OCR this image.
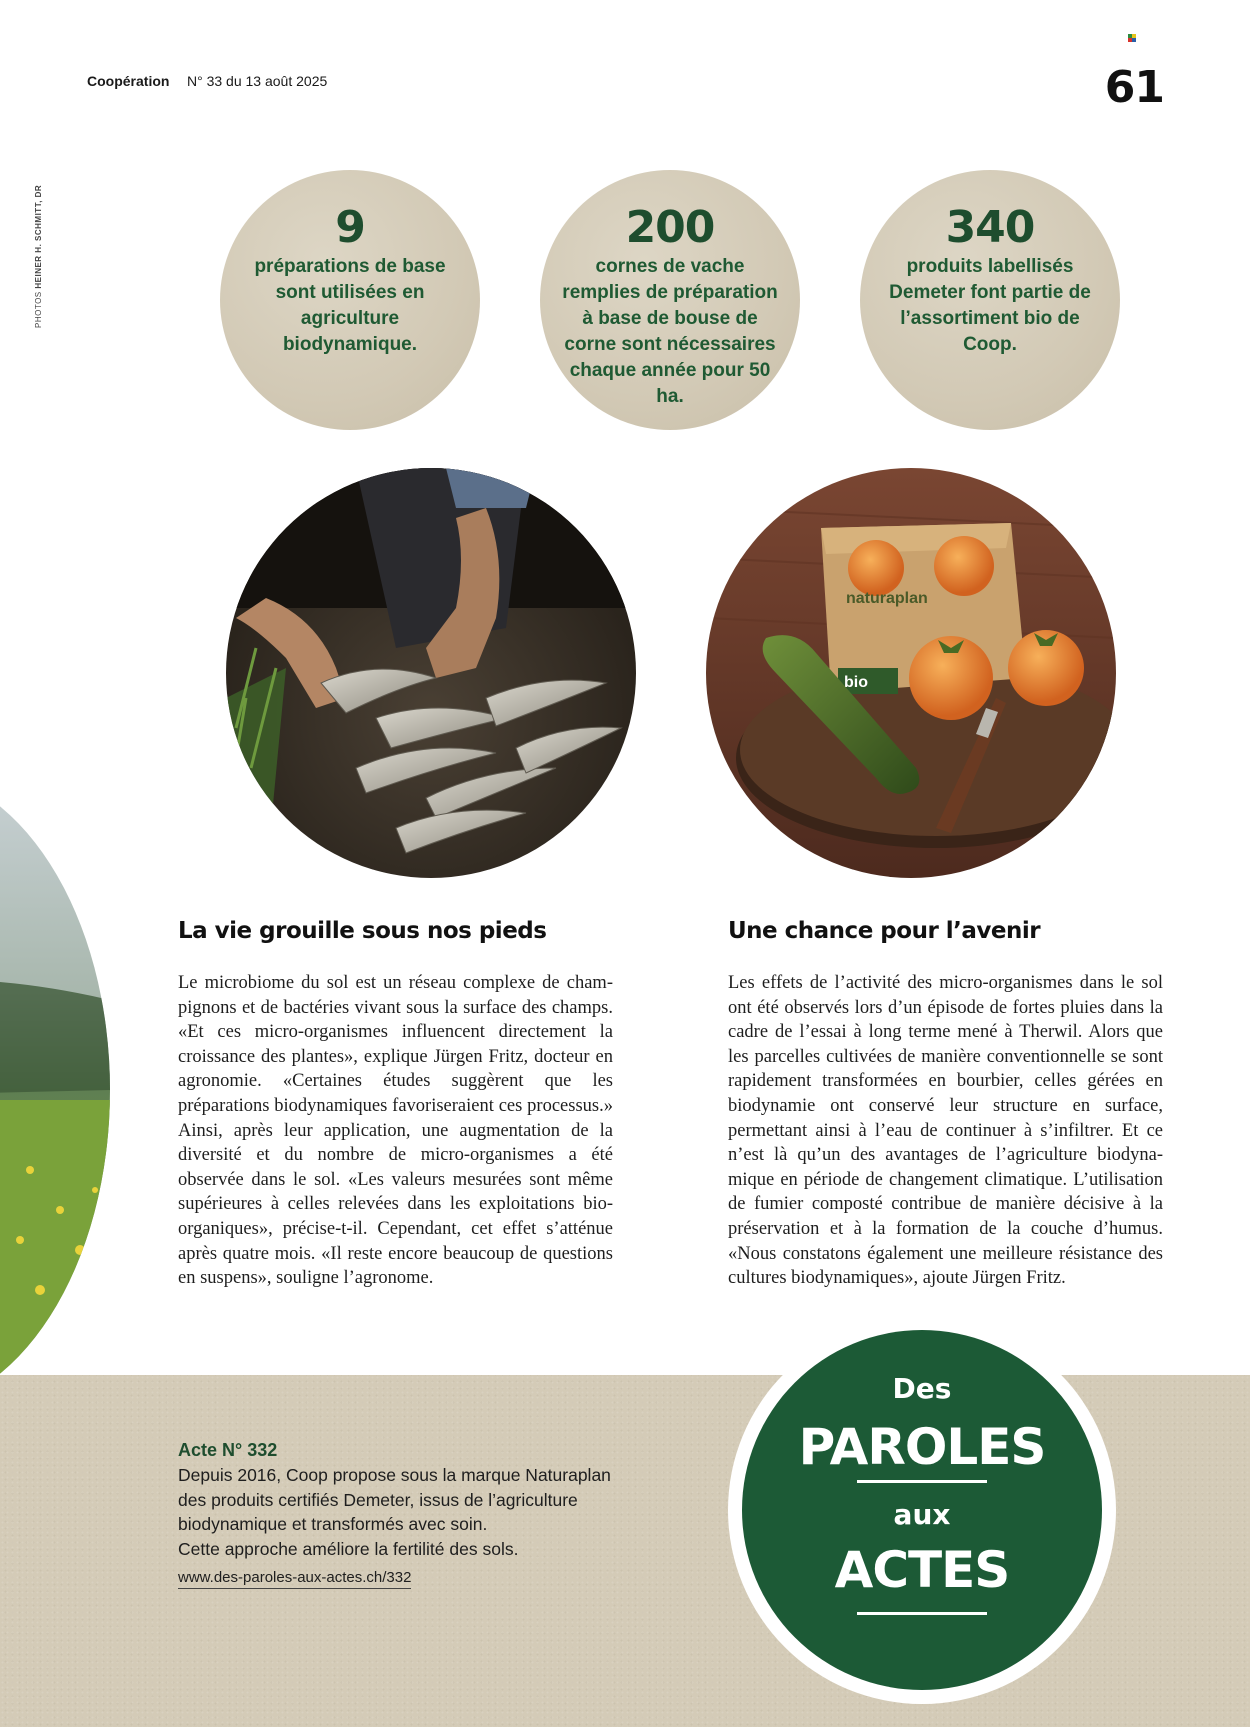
Coopération N° 33 du 13 août 2025	61
PHOTOS HEINER H. SCHMITT, DR	9
préparations de base sont utilisées en agriculture biodynamique.
200
cornes de vache remplies de préparation à base de bouse de corne sont nécessaires chaque année pour 50 ha.
340
produits labellisés Demeter font partie de l’assortiment bio de Coop.
naturaplan
bio
La vie grouille sous nos pieds
Le microbiome du sol est un réseau complexe de champignons et de bactéries vivant sous la surface des champs. «Et ces micro-organismes influencent directement la croissance des plantes», explique Jürgen Fritz, docteur en agronomie. «Certaines études suggèrent que les préparations biodynamiques favoriseraient ces processus.» Ainsi, après leur application, une augmentation de la diversité et du nombre de micro-organismes a été observée dans le sol. «Les valeurs mesurées sont même supérieures à celles relevées dans les exploitations bio-organiques», précise-t-il. Cependant, cet effet s’atténue après quatre mois. «Il reste encore beaucoup de questions en suspens», souligne l’agronome.
Une chance pour l’avenir
Les effets de l’activité des micro-organismes dans le sol ont été observés lors d’un épisode de fortes pluies dans la cadre de l’essai à long terme mené à Therwil. Alors que les parcelles cultivées de manière conventionnelle se sont rapidement transformées en bourbier, celles gérées en biodynamie ont conservé leur structure en surface, permettant ainsi à l’eau de continuer à s’infiltrer. Et ce n’est là qu’un des avantages de l’agriculture biodynamique en période de changement climatique. L’utilisation de fumier composté contribue de manière décisive à la préservation et à la formation de la couche d’humus. «Nous constatons également une meilleure résistance des cultures biodynamiques», ajoute Jürgen Fritz.
Acte N° 332
Depuis 2016, Coop propose sous la marque Naturaplan
des produits certifiés Demeter, issus de l’agriculture
biodynamique et transformés avec soin.
Cette approche améliore la fertilité des sols.
www.des-paroles-aux-actes.ch/332
Des
PAROLES
aux
ACTES
